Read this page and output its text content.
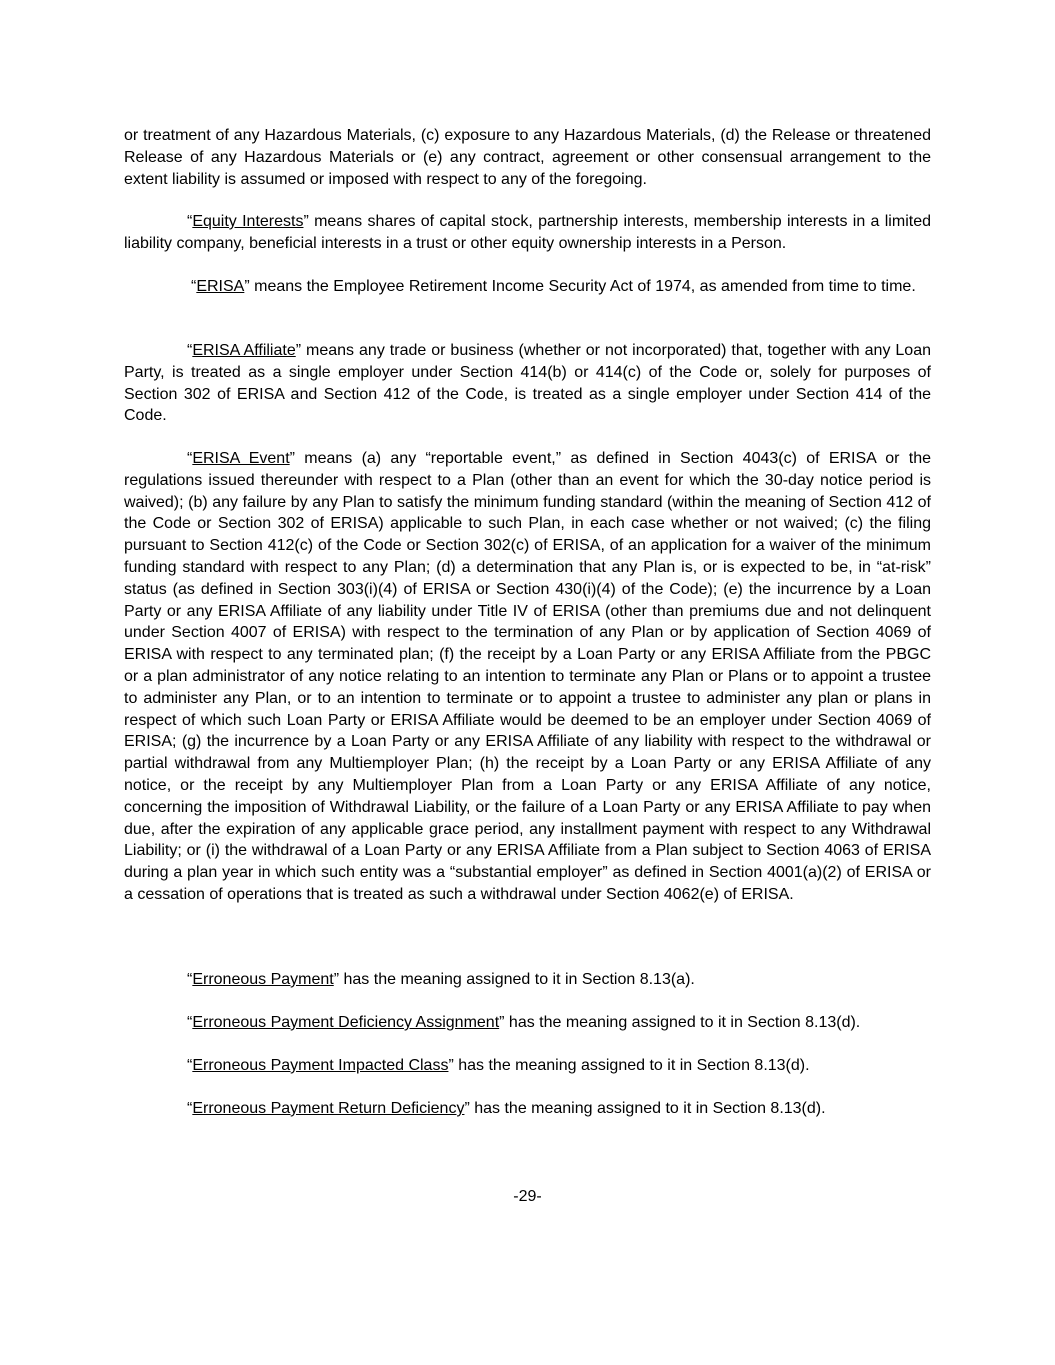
or treatment of any Hazardous Materials, (c) exposure to any Hazardous Materials, (d) the Release or threatened Release of any Hazardous Materials or (e) any contract, agreement or other consensual arrangement to the extent liability is assumed or imposed with respect to any of the foregoing.

“Equity Interests” means shares of capital stock, partnership interests, membership interests in a limited liability company, beneficial interests in a trust or other equity ownership interests in a Person.

“ERISA” means the Employee Retirement Income Security Act of 1974, as amended from time to time.

“ERISA Affiliate” means any trade or business (whether or not incorporated) that, together with any Loan Party, is treated as a single employer under Section 414(b) or 414(c) of the Code or, solely for purposes of Section 302 of ERISA and Section 412 of the Code, is treated as a single employer under Section 414 of the Code.

“ERISA Event” means (a) any “reportable event,” as defined in Section 4043(c) of ERISA or the regulations issued thereunder with respect to a Plan (other than an event for which the 30-day notice period is waived); (b) any failure by any Plan to satisfy the minimum funding standard (within the meaning of Section 412 of the Code or Section 302 of ERISA) applicable to such Plan, in each case whether or not waived; (c) the filing pursuant to Section 412(c) of the Code or Section 302(c) of ERISA, of an application for a waiver of the minimum funding standard with respect to any Plan; (d) a determination that any Plan is, or is expected to be, in “at-risk” status (as defined in Section 303(i)(4) of ERISA or Section 430(i)(4) of the Code); (e) the incurrence by a Loan Party or any ERISA Affiliate of any liability under Title IV of ERISA (other than premiums due and not delinquent under Section 4007 of ERISA) with respect to the termination of any Plan or by application of Section 4069 of ERISA with respect to any terminated plan; (f) the receipt by a Loan Party or any ERISA Affiliate from the PBGC or a plan administrator of any notice relating to an intention to terminate any Plan or Plans or to appoint a trustee to administer any Plan, or to an intention to terminate or to appoint a trustee to administer any plan or plans in respect of which such Loan Party or ERISA Affiliate would be deemed to be an employer under Section 4069 of ERISA; (g) the incurrence by a Loan Party or any ERISA Affiliate of any liability with respect to the withdrawal or partial withdrawal from any Multiemployer Plan; (h) the receipt by a Loan Party or any ERISA Affiliate of any notice, or the receipt by any Multiemployer Plan from a Loan Party or any ERISA Affiliate of any notice, concerning the imposition of Withdrawal Liability, or the failure of a Loan Party or any ERISA Affiliate to pay when due, after the expiration of any applicable grace period, any installment payment with respect to any Withdrawal Liability; or (i) the withdrawal of a Loan Party or any ERISA Affiliate from a Plan subject to Section 4063 of ERISA during a plan year in which such entity was a “substantial employer” as defined in Section 4001(a)(2) of ERISA or a cessation of operations that is treated as such a withdrawal under Section 4062(e) of ERISA.

“Erroneous Payment” has the meaning assigned to it in Section 8.13(a).

“Erroneous Payment Deficiency Assignment” has the meaning assigned to it in Section 8.13(d).

“Erroneous Payment Impacted Class” has the meaning assigned to it in Section 8.13(d).

“Erroneous Payment Return Deficiency” has the meaning assigned to it in Section 8.13(d).

-29-
